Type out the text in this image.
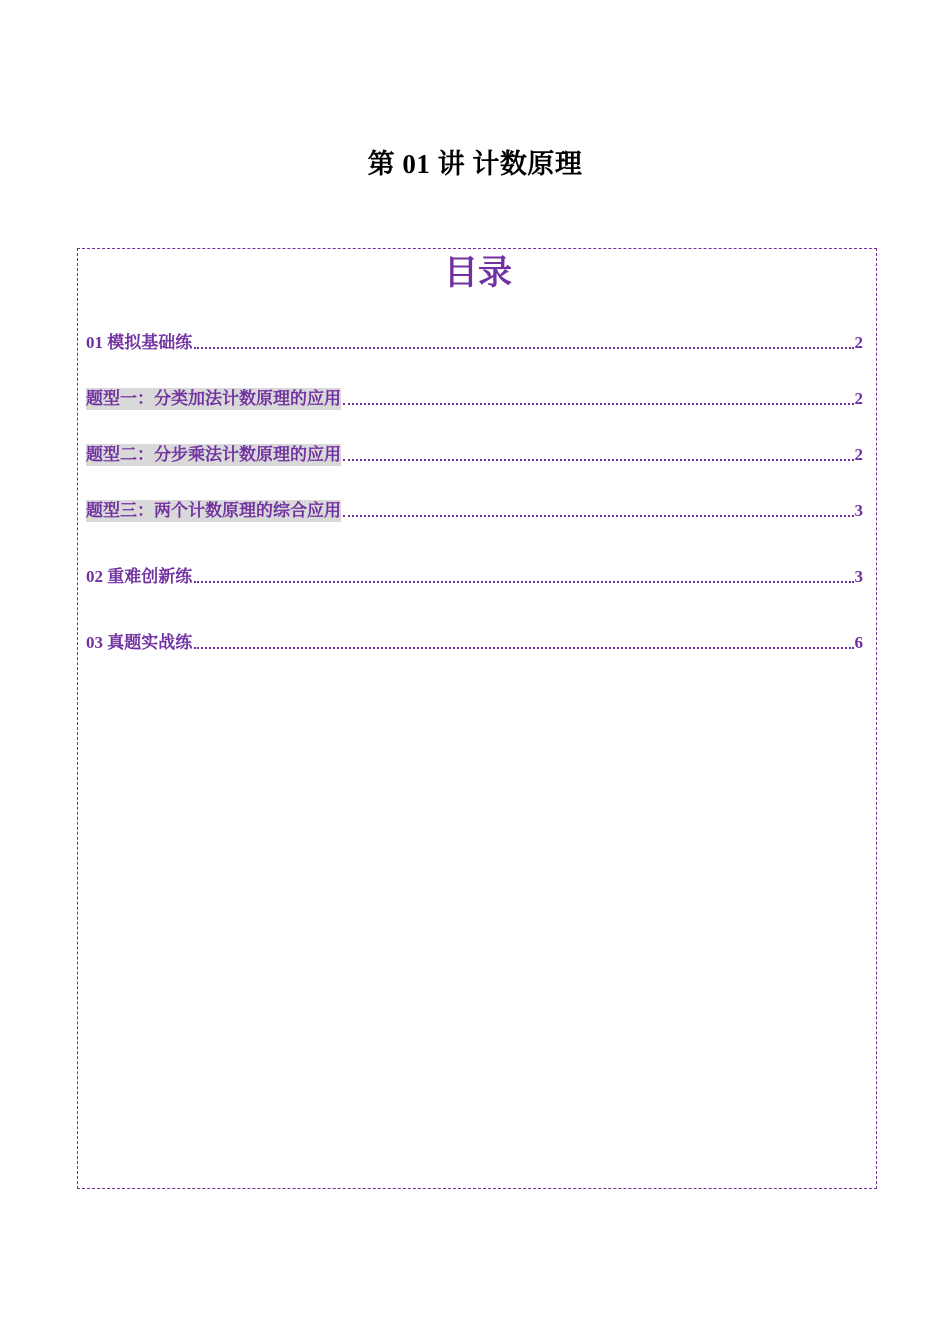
第 01 讲 计数原理
目录
01 模拟基础练	2
题型一：分类加法计数原理的应用	2
题型二：分步乘法计数原理的应用	2
题型三：两个计数原理的综合应用	3
02 重难创新练	3
03 真题实战练	6
